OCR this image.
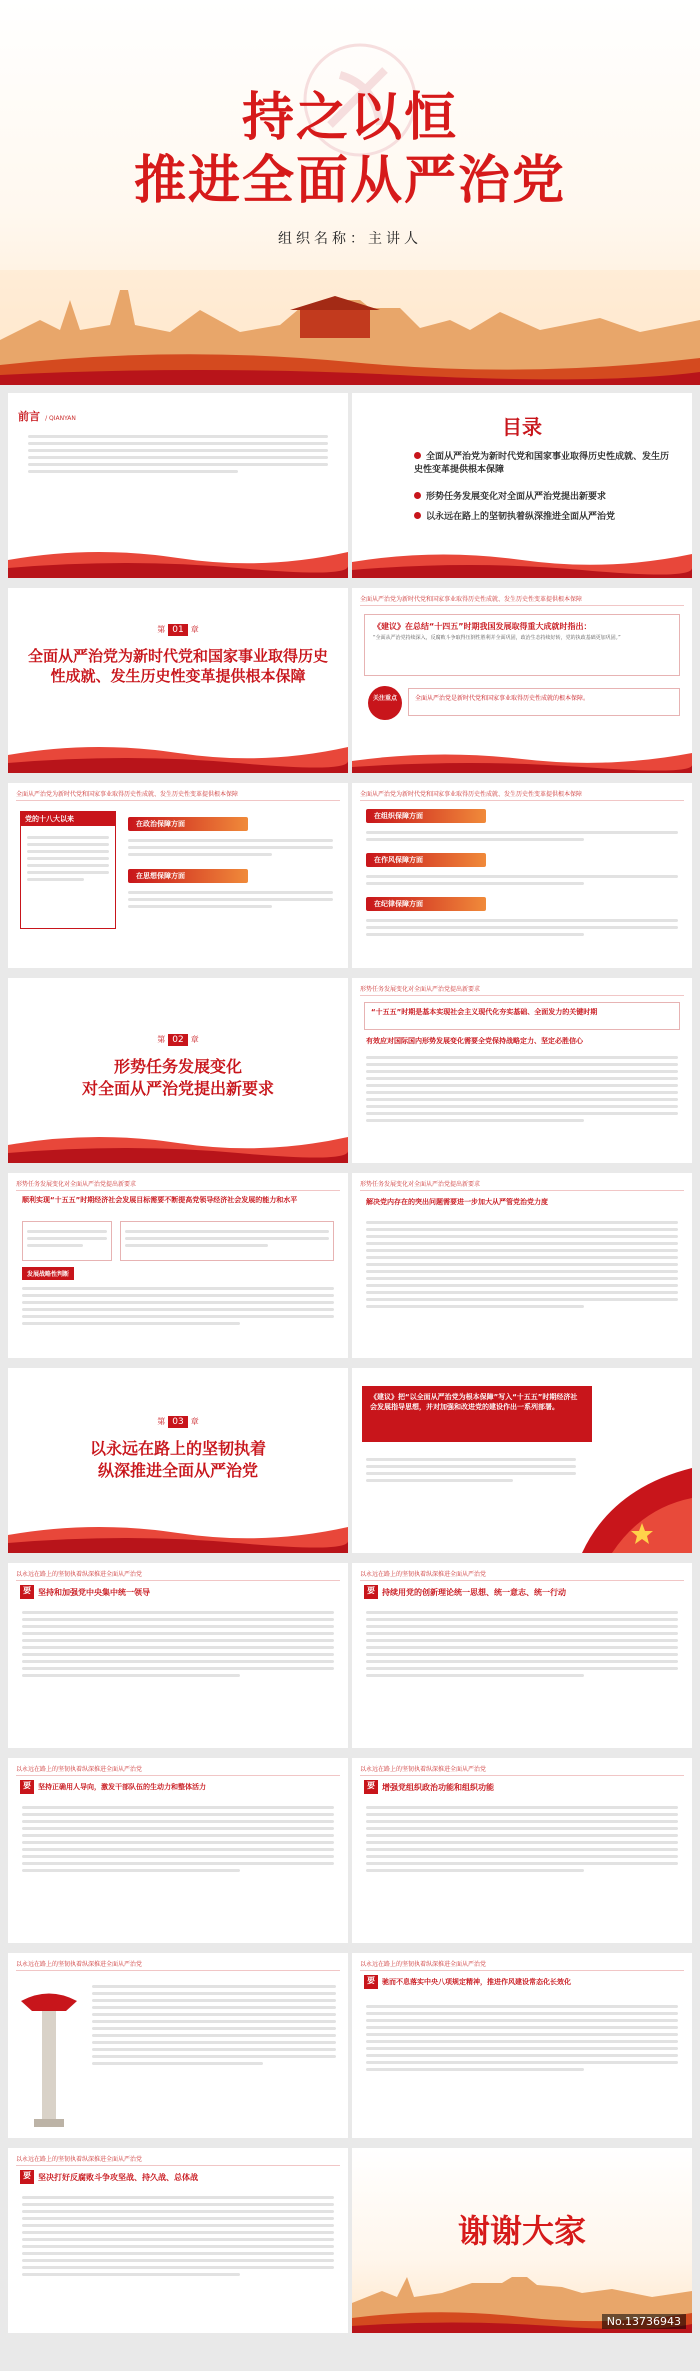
持之以恒
推进全面从严治党
组织名称：主讲人
前言 / QIANYAN	目录
全面从严治党为新时代党和国家事业取得历史性成就、发生历史性变革提供根本保障
形势任务发展变化对全面从严治党提出新要求
以永远在路上的坚韧执着纵深推进全面从严治党
第 01 章
全面从严治党为新时代党和国家事业取得历史性成就、发生历史性变革提供根本保障
全面从严治党为新时代党和国家事业取得历史性成就、发生历史性变革提供根本保障
《建议》在总结“十四五”时期我国发展取得重大成就时指出：
“全面从严治党持续深入，反腐败斗争取得压倒性胜利并全面巩固，政治生态持续好转，党的执政基础更加巩固。”
关注重点	全面从严治党是新时代党和国家事业取得历史性成就的根本保障。
全面从严治党为新时代党和国家事业取得历史性成就、发生历史性变革提供根本保障
党的十八大以来
在政治保障方面
在思想保障方面
全面从严治党为新时代党和国家事业取得历史性成就、发生历史性变革提供根本保障
在组织保障方面
在作风保障方面
在纪律保障方面
第 02 章
形势任务发展变化
对全面从严治党提出新要求
形势任务发展变化对全面从严治党提出新要求
“十五五”时期是基本实现社会主义现代化夯实基础、全面发力的关键时期
有效应对国际国内形势发展变化需要全党保持战略定力、坚定必胜信心
形势任务发展变化对全面从严治党提出新要求
顺利实现“十五五”时期经济社会发展目标需要不断提高党领导经济社会发展的能力和水平
发展战略性判断
形势任务发展变化对全面从严治党提出新要求
解决党内存在的突出问题需要进一步加大从严管党治党力度
第 03 章
以永远在路上的坚韧执着
纵深推进全面从严治党
《建议》把“以全面从严治党为根本保障”写入“十五五”时期经济社会发展指导思想，并对加强和改进党的建设作出一系列部署。
以永远在路上的坚韧执着纵深推进全面从严治党
要 坚持和加强党中央集中统一领导
以永远在路上的坚韧执着纵深推进全面从严治党
要 持续用党的创新理论统一思想、统一意志、统一行动
以永远在路上的坚韧执着纵深推进全面从严治党
要	坚持正确用人导向，激发干部队伍的生动力和整体活力
以永远在路上的坚韧执着纵深推进全面从严治党
要 增强党组织政治功能和组织功能
以永远在路上的坚韧执着纵深推进全面从严治党	以永远在路上的坚韧执着纵深推进全面从严治党
要	驰而不息落实中央八项规定精神，推进作风建设常态化长效化
以永远在路上的坚韧执着纵深推进全面从严治党
要 坚决打好反腐败斗争攻坚战、持久战、总体战
谢谢大家
No.13736943
